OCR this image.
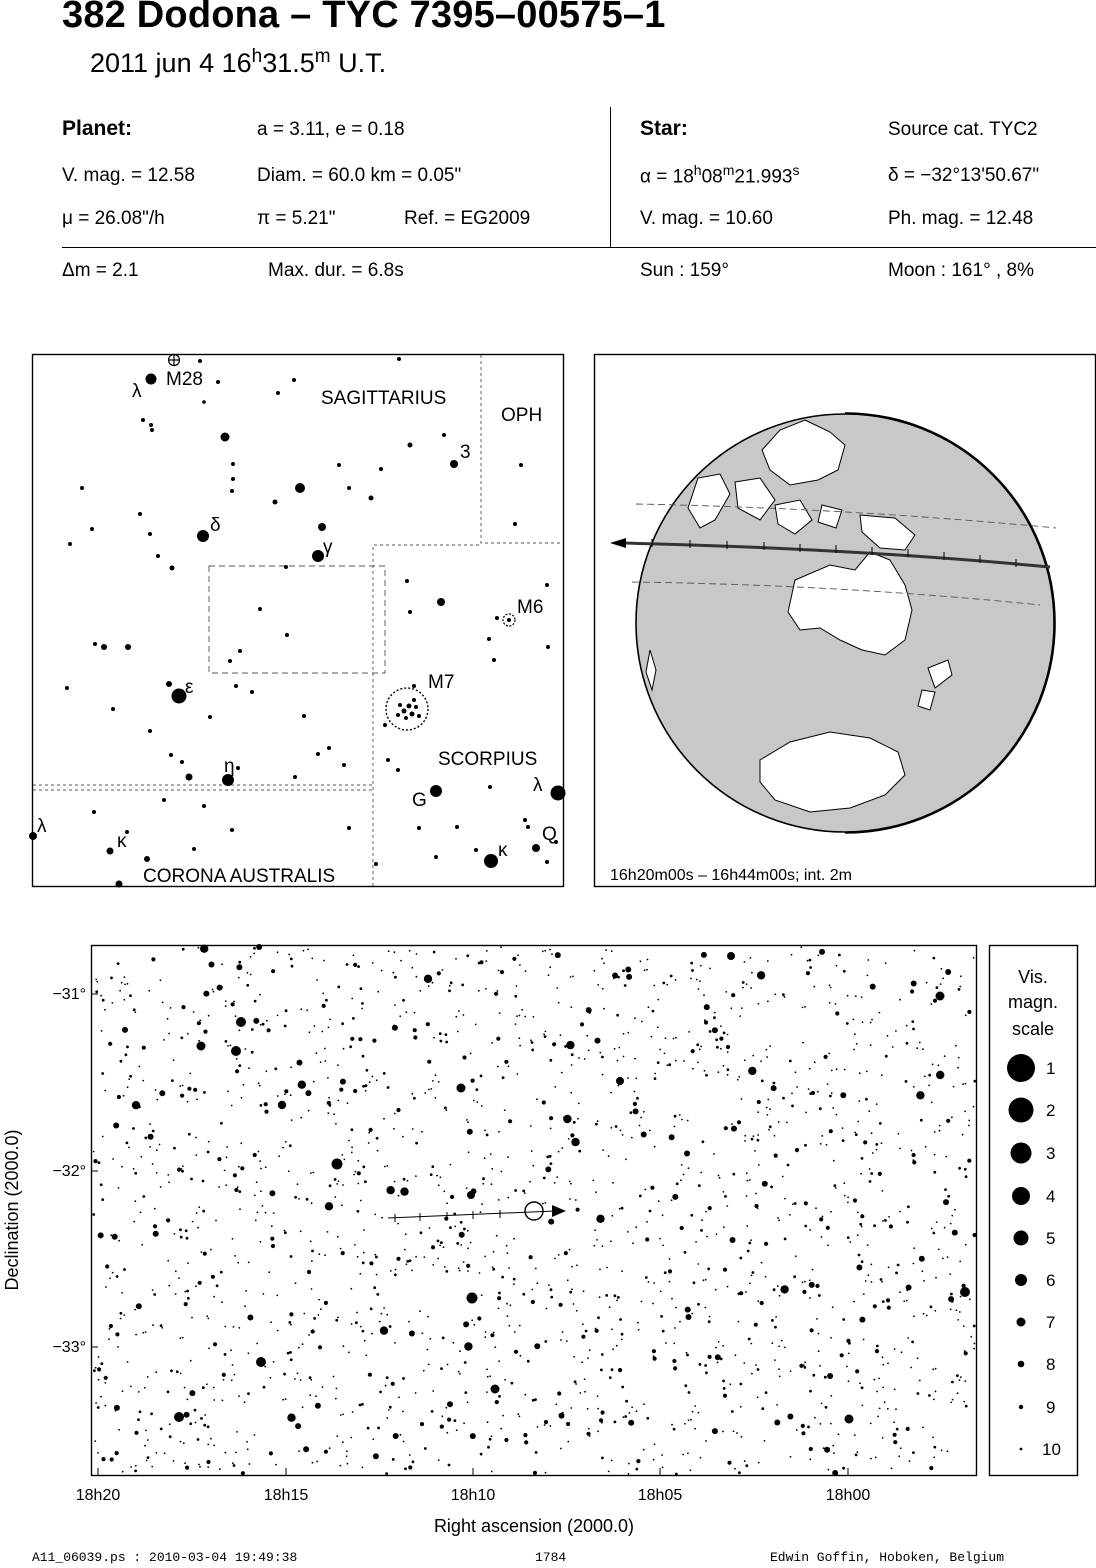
382 Dodona – TYC 7395–00575–1
2011 jun 4 16$^h$31.5$^m$ U.T.
Planet:	a = 3.11, e = 0.18
V. mag. = 12.58	Diam. = 60.0 km = 0.05"
μ = 26.08"/h	π = 5.21"	Ref. = EG2009
Star:	Source cat. TYC2
$\alpha = 18^h08^m21.993^s$	δ = −32°13'50.67"
V. mag. = 10.60	Ph. mag. = 12.48
Δm = 2.1	Max. dur. = 6.8s	Sun : 159°	Moon : 161° , 8%
SAGITTARIUS
OPH
SCORPIUS
CORONA AUSTRALIS
M28
M6
M7
3
G
Q
λ
δ
γ
ε
η
λ
κ
λ
κ
16h20m00s – 16h44m00s; int. 2m
Vis.
magn.
scale
1
2
3
4
5
6
7
8
9
10
−31°
−32°
−33°
18h20	18h15	18h10	18h05	18h00
Right ascension (2000.0)
Declination (2000.0)
A11_06039.ps : 2010-03-04 19:49:38	1784	Edwin Goffin, Hoboken, Belgium
